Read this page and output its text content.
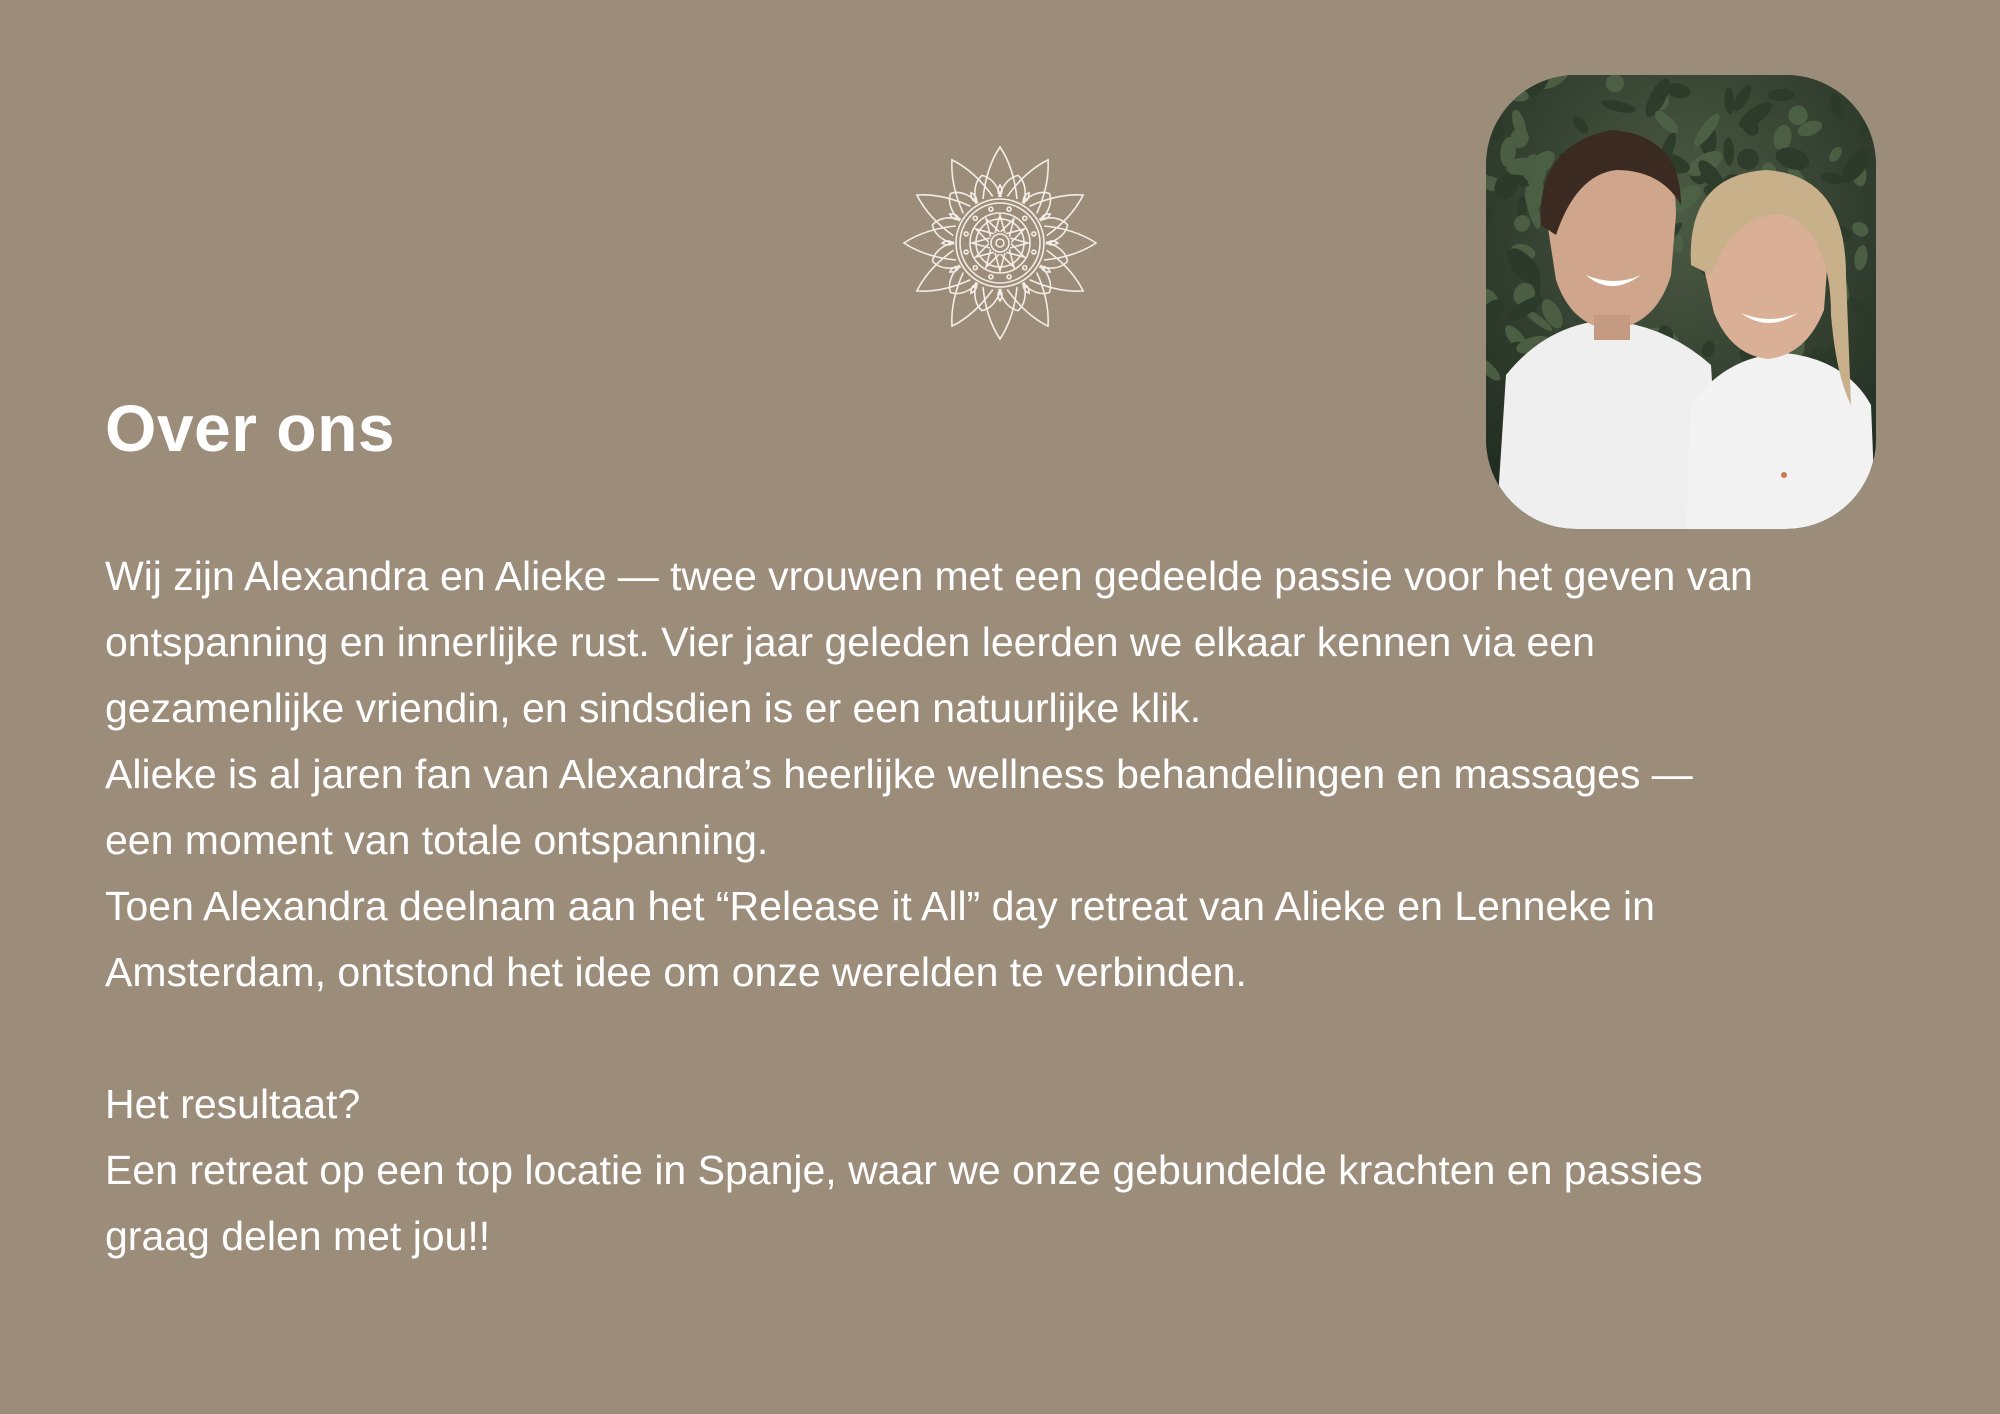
Over ons
Wij zijn Alexandra en Alieke — twee vrouwen met een gedeelde passie voor het geven van
ontspanning en innerlijke rust. Vier jaar geleden leerden we elkaar kennen via een
gezamenlijke vriendin, en sindsdien is er een natuurlijke klik.
Alieke is al jaren fan van Alexandra’s heerlijke wellness behandelingen en massages —
een moment van totale ontspanning.
Toen Alexandra deelnam aan het “Release it All” day retreat van Alieke en Lenneke in
Amsterdam, ontstond het idee om onze werelden te verbinden.
Het resultaat?
Een retreat op een top locatie in Spanje, waar we onze gebundelde krachten en passies
graag delen met jou!!
